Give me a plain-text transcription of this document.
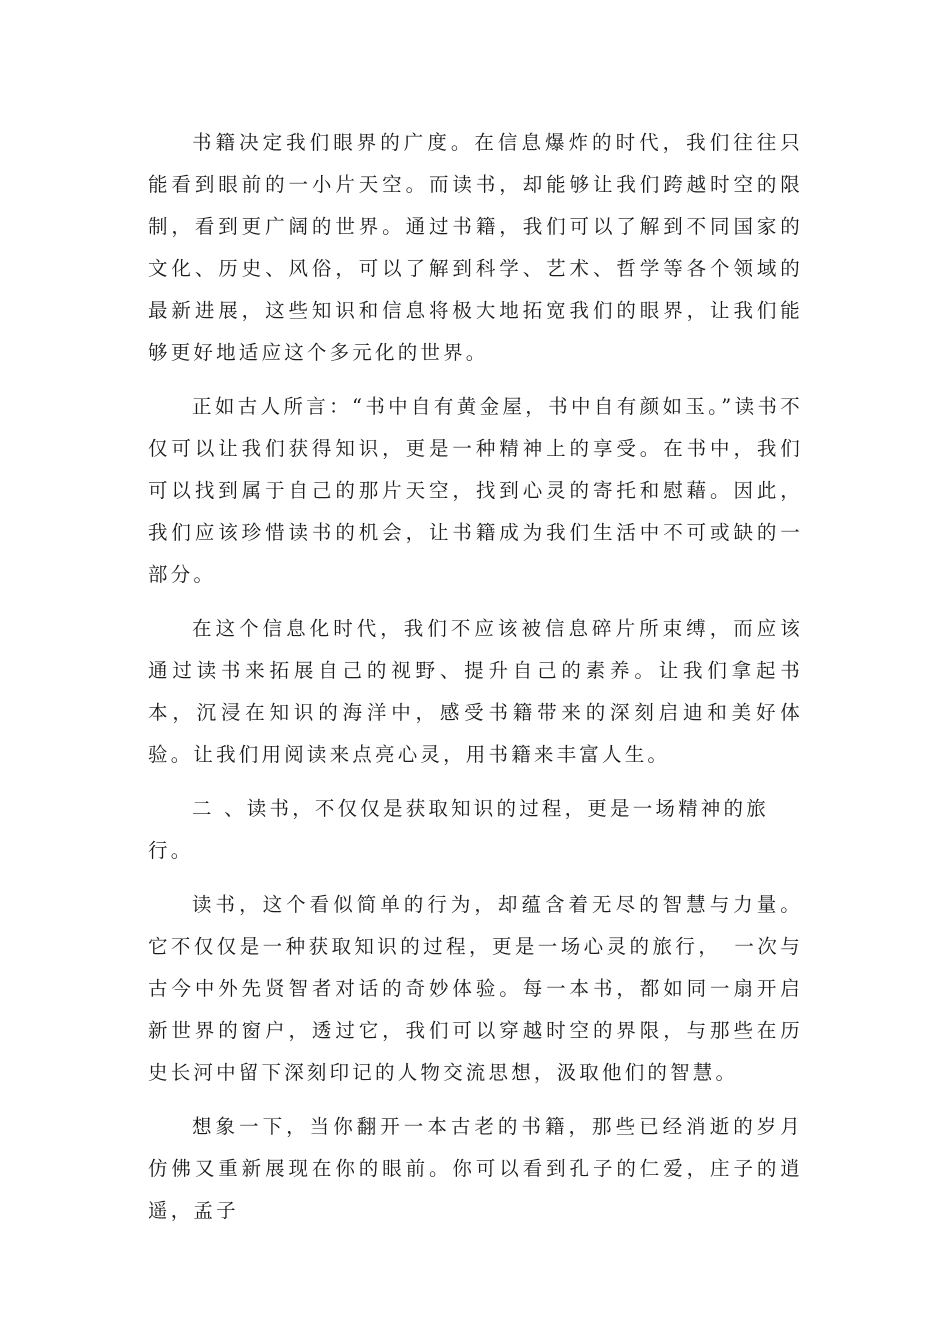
书籍决定我们眼界的广度。在信息爆炸的时代，我们往往只能看到眼前的一小片天空。而读书，却能够让我们跨越时空的限制，看到更广阔的世界。通过书籍，我们可以了解到不同国家的文化、历史、风俗，可以了解到科学、艺术、哲学等各个领域的最新进展，这些知识和信息将极大地拓宽我们的眼界，让我们能够更好地适应这个多元化的世界。

正如古人所言：“书中自有黄金屋，书中自有颜如玉。”读书不仅可以让我们获得知识，更是一种精神上的享受。在书中，我们可以找到属于自己的那片天空，找到心灵的寄托和慰藉。因此，我们应该珍惜读书的机会，让书籍成为我们生活中不可或缺的一部分。

在这个信息化时代，我们不应该被信息碎片所束缚，而应该通过读书来拓展自己的视野、提升自己的素养。让我们拿起书本，沉浸在知识的海洋中，感受书籍带来的深刻启迪和美好体验。让我们用阅读来点亮心灵，用书籍来丰富人生。

二 、读书，不仅仅是获取知识的过程，更是一场精神的旅行。

读书，这个看似简单的行为，却蕴含着无尽的智慧与力量。它不仅仅是一种获取知识的过程，更是一场心灵的旅行，　一次与古今中外先贤智者对话的奇妙体验。每一本书，都如同一扇开启新世界的窗户，透过它，我们可以穿越时空的界限，与那些在历史长河中留下深刻印记的人物交流思想，汲取他们的智慧。

想象一下，当你翻开一本古老的书籍，那些已经消逝的岁月仿佛又重新展现在你的眼前。你可以看到孔子的仁爱，庄子的逍遥，孟子
